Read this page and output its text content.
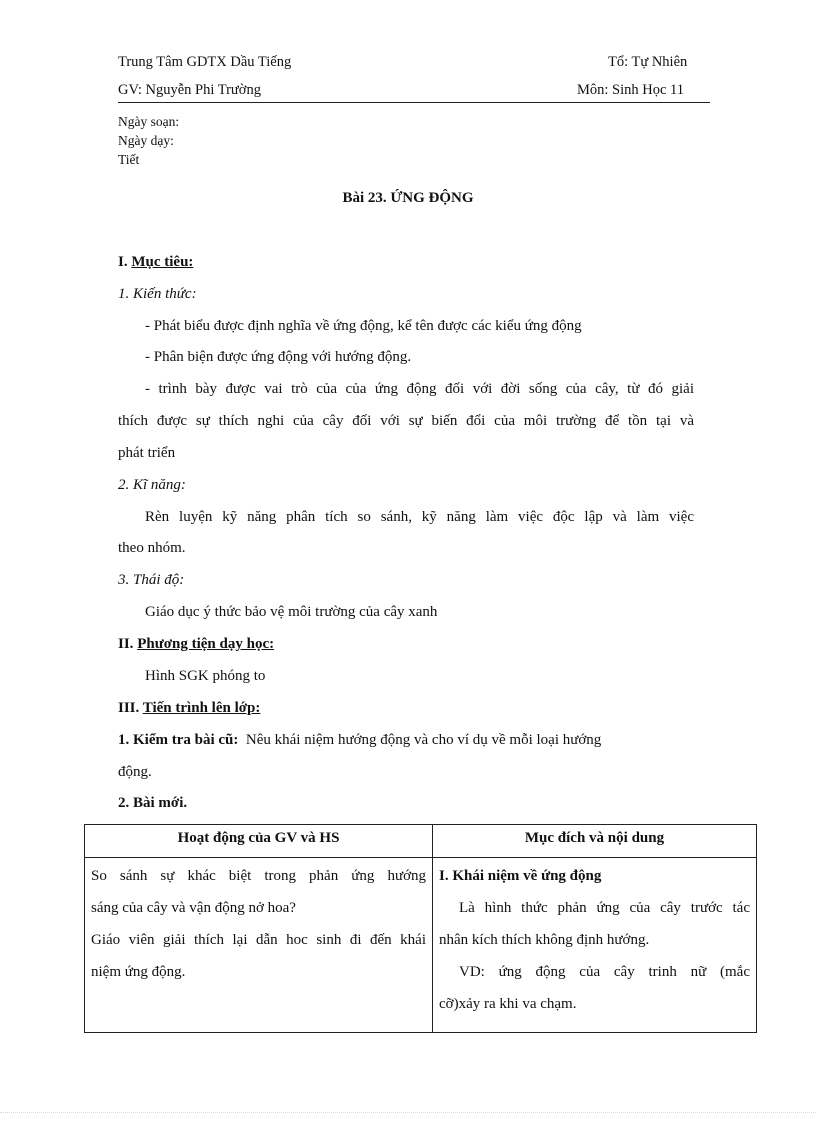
Trung Tâm GDTX Dầu Tiếng	Tổ: Tự Nhiên
GV: Nguyễn Phi Trường	Môn: Sinh Học 11
Ngày soạn:
Ngày dạy:
Tiết
Bài 23. ỨNG ĐỘNG
I. Mục tiêu:
1. Kiến thức:
- Phát biểu được định nghĩa về ứng động, kể tên được các kiểu ứng động
- Phân biện được ứng động với hướng động.
- trình bày được vai trò của của ứng động đối với đời sống của cây, từ đó giải
thích được sự thích nghi của cây đối với sự biến đổi của môi trường để tồn tại và
phát triển
2. Kĩ năng:
Rèn luyện kỹ năng phân tích so sánh, kỹ năng làm việc độc lập và làm việc
theo nhóm.
3. Thái độ:
Giáo dục ý thức bảo vệ môi trường của cây xanh
II. Phương tiện dạy học:
Hình SGK phóng to
III. Tiến trình lên lớp:
1. Kiểm tra bài cũ: Nêu khái niệm hướng động và cho ví dụ về mỗi loại hướng
động.
2. Bài mới.
Hoạt động của GV và HS	Mục đích và nội dung

So sánh sự khác biệt trong phản ứng hướng
sáng của cây và vận động nở hoa?
Giáo viên giải thích lại dẫn hoc sinh đi đến khái
niệm ứng động.	I. Khái niệm về ứng động
Là hình thức phản ứng của cây trước tác
nhân kích thích không định hướng.
VD: ứng động của cây trinh nữ (mắc
cỡ)xảy ra khi va chạm.
